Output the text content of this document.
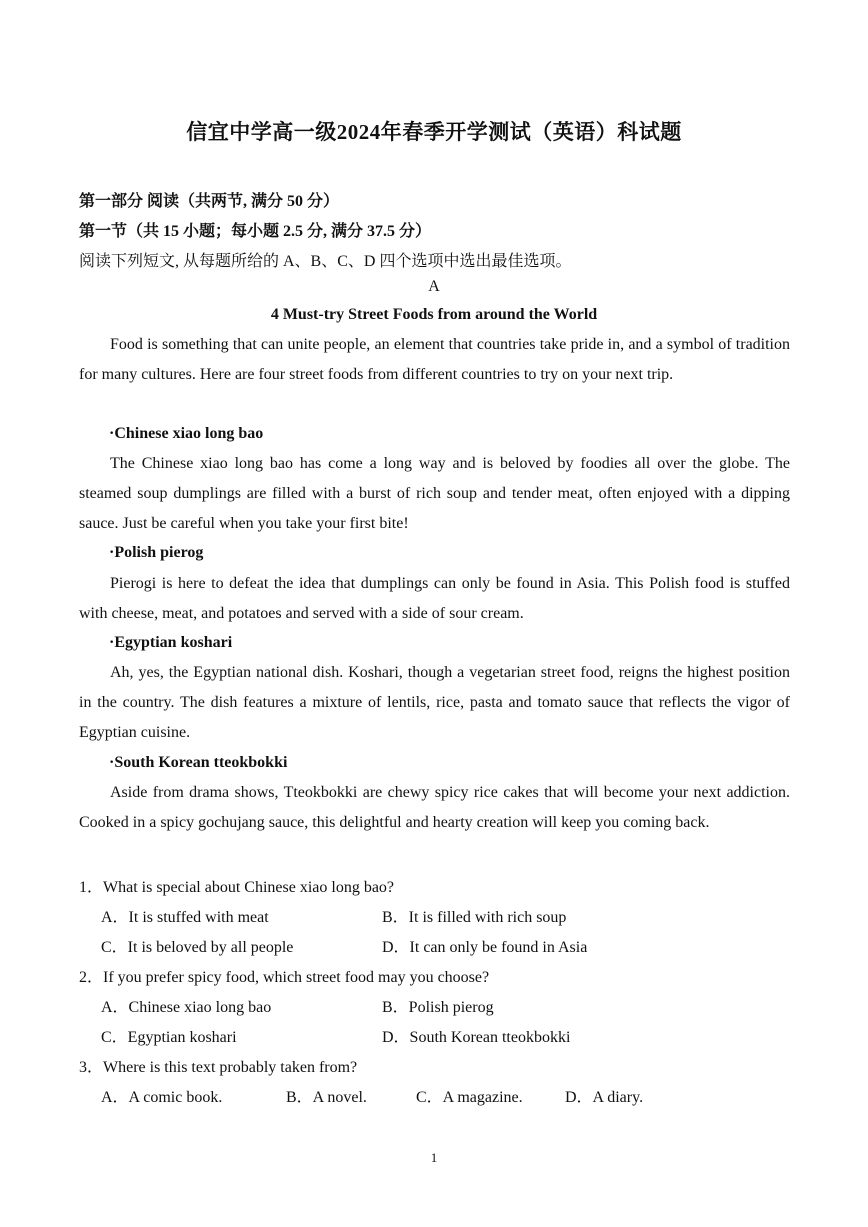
信宜中学高一级2024年春季开学测试（英语）科试题
第一部分 阅读（共两节, 满分 50 分）
第一节（共 15 小题；每小题 2.5 分, 满分 37.5 分）
阅读下列短文, 从每题所给的 A、B、C、D 四个选项中选出最佳选项。
A
4 Must-try Street Foods from around the World

Food is something that can unite people, an element that countries take pride in, and a symbol of tradition for many cultures. Here are four street foods from different countries to try on your next trip.

·Chinese xiao long bao

The Chinese xiao long bao has come a long way and is beloved by foodies all over the globe. The steamed soup dumplings are filled with a burst of rich soup and tender meat, often enjoyed with a dipping sauce. Just be careful when you take your first bite!

·Polish pierog

Pierogi is here to defeat the idea that dumplings can only be found in Asia. This Polish food is stuffed with cheese, meat, and potatoes and served with a side of sour cream.

·Egyptian koshari

Ah, yes, the Egyptian national dish. Koshari, though a vegetarian street food, reigns the highest position in the country. The dish features a mixture of lentils, rice, pasta and tomato sauce that reflects the vigor of Egyptian cuisine.

·South Korean tteokbokki

Aside from drama shows, Tteokbokki are chewy spicy rice cakes that will become your next addiction. Cooked in a spicy gochujang sauce, this delightful and hearty creation will keep you coming back.

1．What is special about Chinese xiao long bao?
A．It is stuffed with meat	B．It is filled with rich soup
C．It is beloved by all people	D．It can only be found in Asia
2．If you prefer spicy food, which street food may you choose?
A．Chinese xiao long bao	B．Polish pierog
C．Egyptian koshari	D．South Korean tteokbokki
3．Where is this text probably taken from?
A．A comic book.	B．A novel.	C．A magazine.	D．A diary.
1
